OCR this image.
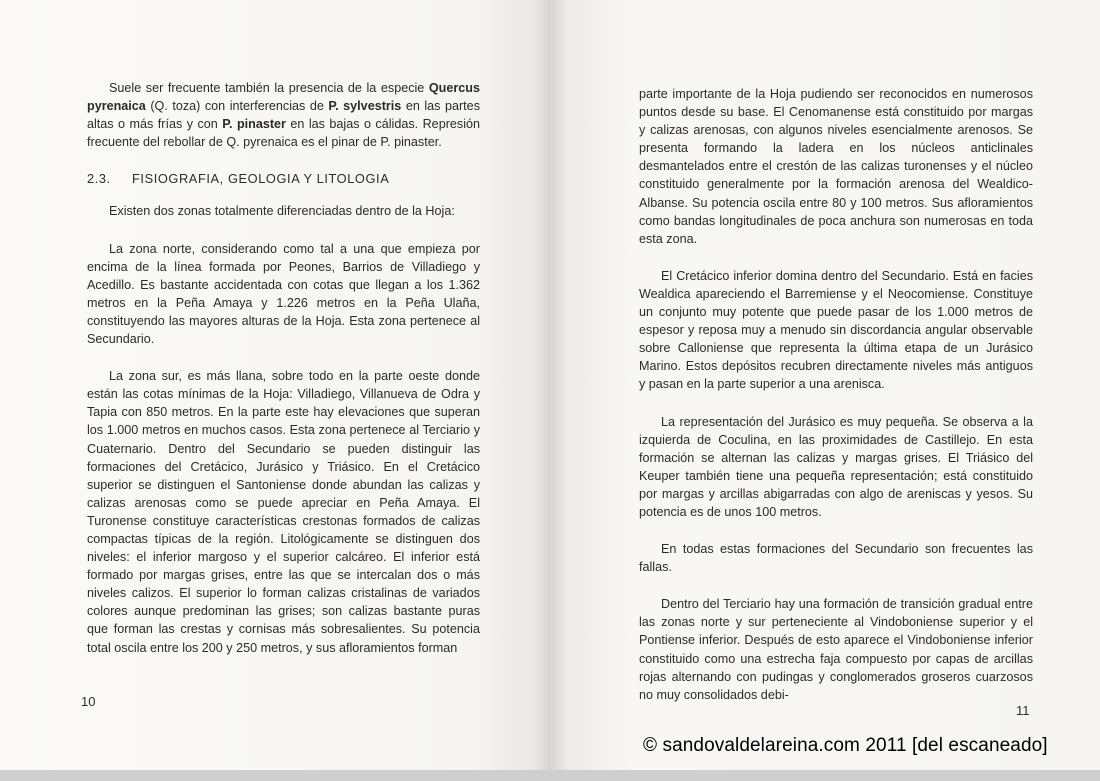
Suele ser frecuente también la presencia de la especie Quercus pyrenaica (Q. toza) con interferencias de P. sylvestris en las partes altas o más frías y con P. pinaster en las bajas o cálidas. Represión frecuente del rebollar de Q. pyrenaica es el pinar de P. pinaster.

2.3. FISIOGRAFIA, GEOLOGIA Y LITOLOGIA

Existen dos zonas totalmente diferenciadas dentro de la Hoja:

La zona norte, considerando como tal a una que empieza por encima de la línea formada por Peones, Barrios de Villadiego y Acedillo. Es bastante accidentada con cotas que llegan a los 1.362 metros en la Peña Amaya y 1.226 metros en la Peña Ulaña, constituyendo las mayores alturas de la Hoja. Esta zona pertenece al Secundario.

La zona sur, es más llana, sobre todo en la parte oeste donde están las cotas mínimas de la Hoja: Villadiego, Villanueva de Odra y Tapia con 850 metros. En la parte este hay elevaciones que superan los 1.000 metros en muchos casos. Esta zona pertenece al Terciario y Cuaternario. Dentro del Secundario se pueden distinguir las formaciones del Cretácico, Jurásico y Triásico. En el Cretácico superior se distinguen el Santoniense donde abundan las calizas y calizas arenosas como se puede apreciar en Peña Amaya. El Turonense constituye características crestonas formados de calizas compactas típicas de la región. Litológicamente se distinguen dos niveles: el inferior margoso y el superior calcáreo. El inferior está formado por margas grises, entre las que se intercalan dos o más niveles calizos. El superior lo forman calizas cristalinas de variados colores aunque predominan las grises; son calizas bastante puras que forman las crestas y cornisas más sobresalientes. Su potencia total oscila entre los 200 y 250 metros, y sus afloramientos forman

10

parte importante de la Hoja pudiendo ser reconocidos en numerosos puntos desde su base. El Cenomanense está constituido por margas y calizas arenosas, con algunos niveles esencialmente arenosos. Se presenta formando la ladera en los núcleos anticlinales desmantelados entre el crestón de las calizas turonenses y el núcleo constituido generalmente por la formación arenosa del Wealdico-Albanse. Su potencia oscila entre 80 y 100 metros. Sus afloramientos como bandas longitudinales de poca anchura son numerosas en toda esta zona.

El Cretácico inferior domina dentro del Secundario. Está en facies Wealdica apareciendo el Barremiense y el Neocomiense. Constituye un conjunto muy potente que puede pasar de los 1.000 metros de espesor y reposa muy a menudo sin discordancia angular observable sobre Calloniense que representa la última etapa de un Jurásico Marino. Estos depósitos recubren directamente niveles más antiguos y pasan en la parte superior a una arenisca.

La representación del Jurásico es muy pequeña. Se observa a la izquierda de Coculina, en las proximidades de Castillejo. En esta formación se alternan las calizas y margas grises. El Triásico del Keuper también tiene una pequeña representación; está constituido por margas y arcillas abigarradas con algo de areniscas y yesos. Su potencia es de unos 100 metros.

En todas estas formaciones del Secundario son frecuentes las fallas.

Dentro del Terciario hay una formación de transición gradual entre las zonas norte y sur perteneciente al Vindoboniense superior y el Pontiense inferior. Después de esto aparece el Vindoboniense inferior constituido como una estrecha faja compuesto por capas de arcillas rojas alternando con pudingas y conglomerados groseros cuarzosos no muy consolidados debi-

11
© sandovaldelareina.com 2011 [del escaneado]
